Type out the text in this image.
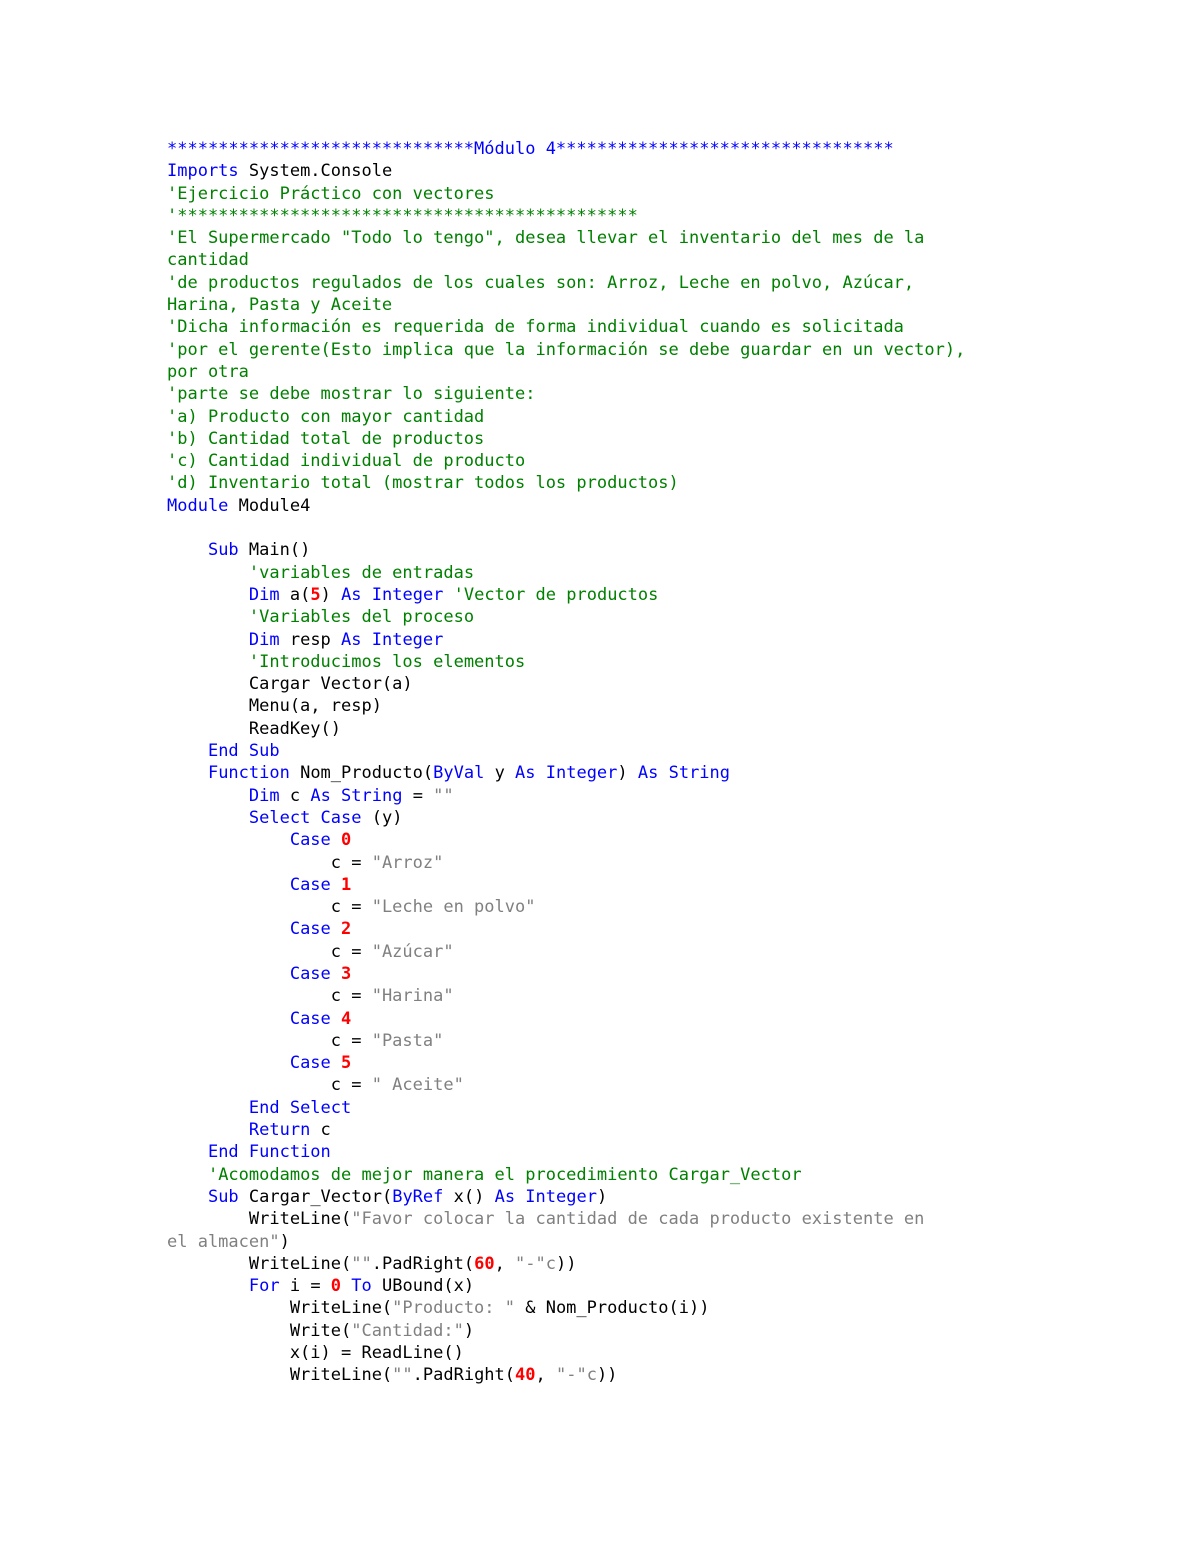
******************************Módulo 4*********************************
Imports System.Console
'Ejercicio Práctico con vectores
'*********************************************
'El Supermercado "Todo lo tengo", desea llevar el inventario del mes de la
cantidad
'de productos regulados de los cuales son: Arroz, Leche en polvo, Azúcar,
Harina, Pasta y Aceite
'Dicha información es requerida de forma individual cuando es solicitada
'por el gerente(Esto implica que la información se debe guardar en un vector),
por otra
'parte se debe mostrar lo siguiente:
'a) Producto con mayor cantidad
'b) Cantidad total de productos
'c) Cantidad individual de producto
'd) Inventario total (mostrar todos los productos)
Module Module4
Sub Main()
'variables de entradas
Dim a(5) As Integer 'Vector de productos
'Variables del proceso
Dim resp As Integer
'Introducimos los elementos
Cargar Vector(a)
Menu(a, resp)
ReadKey()
End Sub
Function Nom_Producto(ByVal y As Integer) As String
Dim c As String = ""
Select Case (y)
Case 0
c = "Arroz"
Case 1
c = "Leche en polvo"
Case 2
c = "Azúcar"
Case 3
c = "Harina"
Case 4
c = "Pasta"
Case 5
c = " Aceite"
End Select
Return c
End Function
'Acomodamos de mejor manera el procedimiento Cargar_Vector
Sub Cargar_Vector(ByRef x() As Integer)
WriteLine("Favor colocar la cantidad de cada producto existente en
el almacen")
WriteLine("".PadRight(60, "-"c))
For i = 0 To UBound(x)
WriteLine("Producto: " & Nom_Producto(i))
Write("Cantidad:")
x(i) = ReadLine()
WriteLine("".PadRight(40, "-"c))
